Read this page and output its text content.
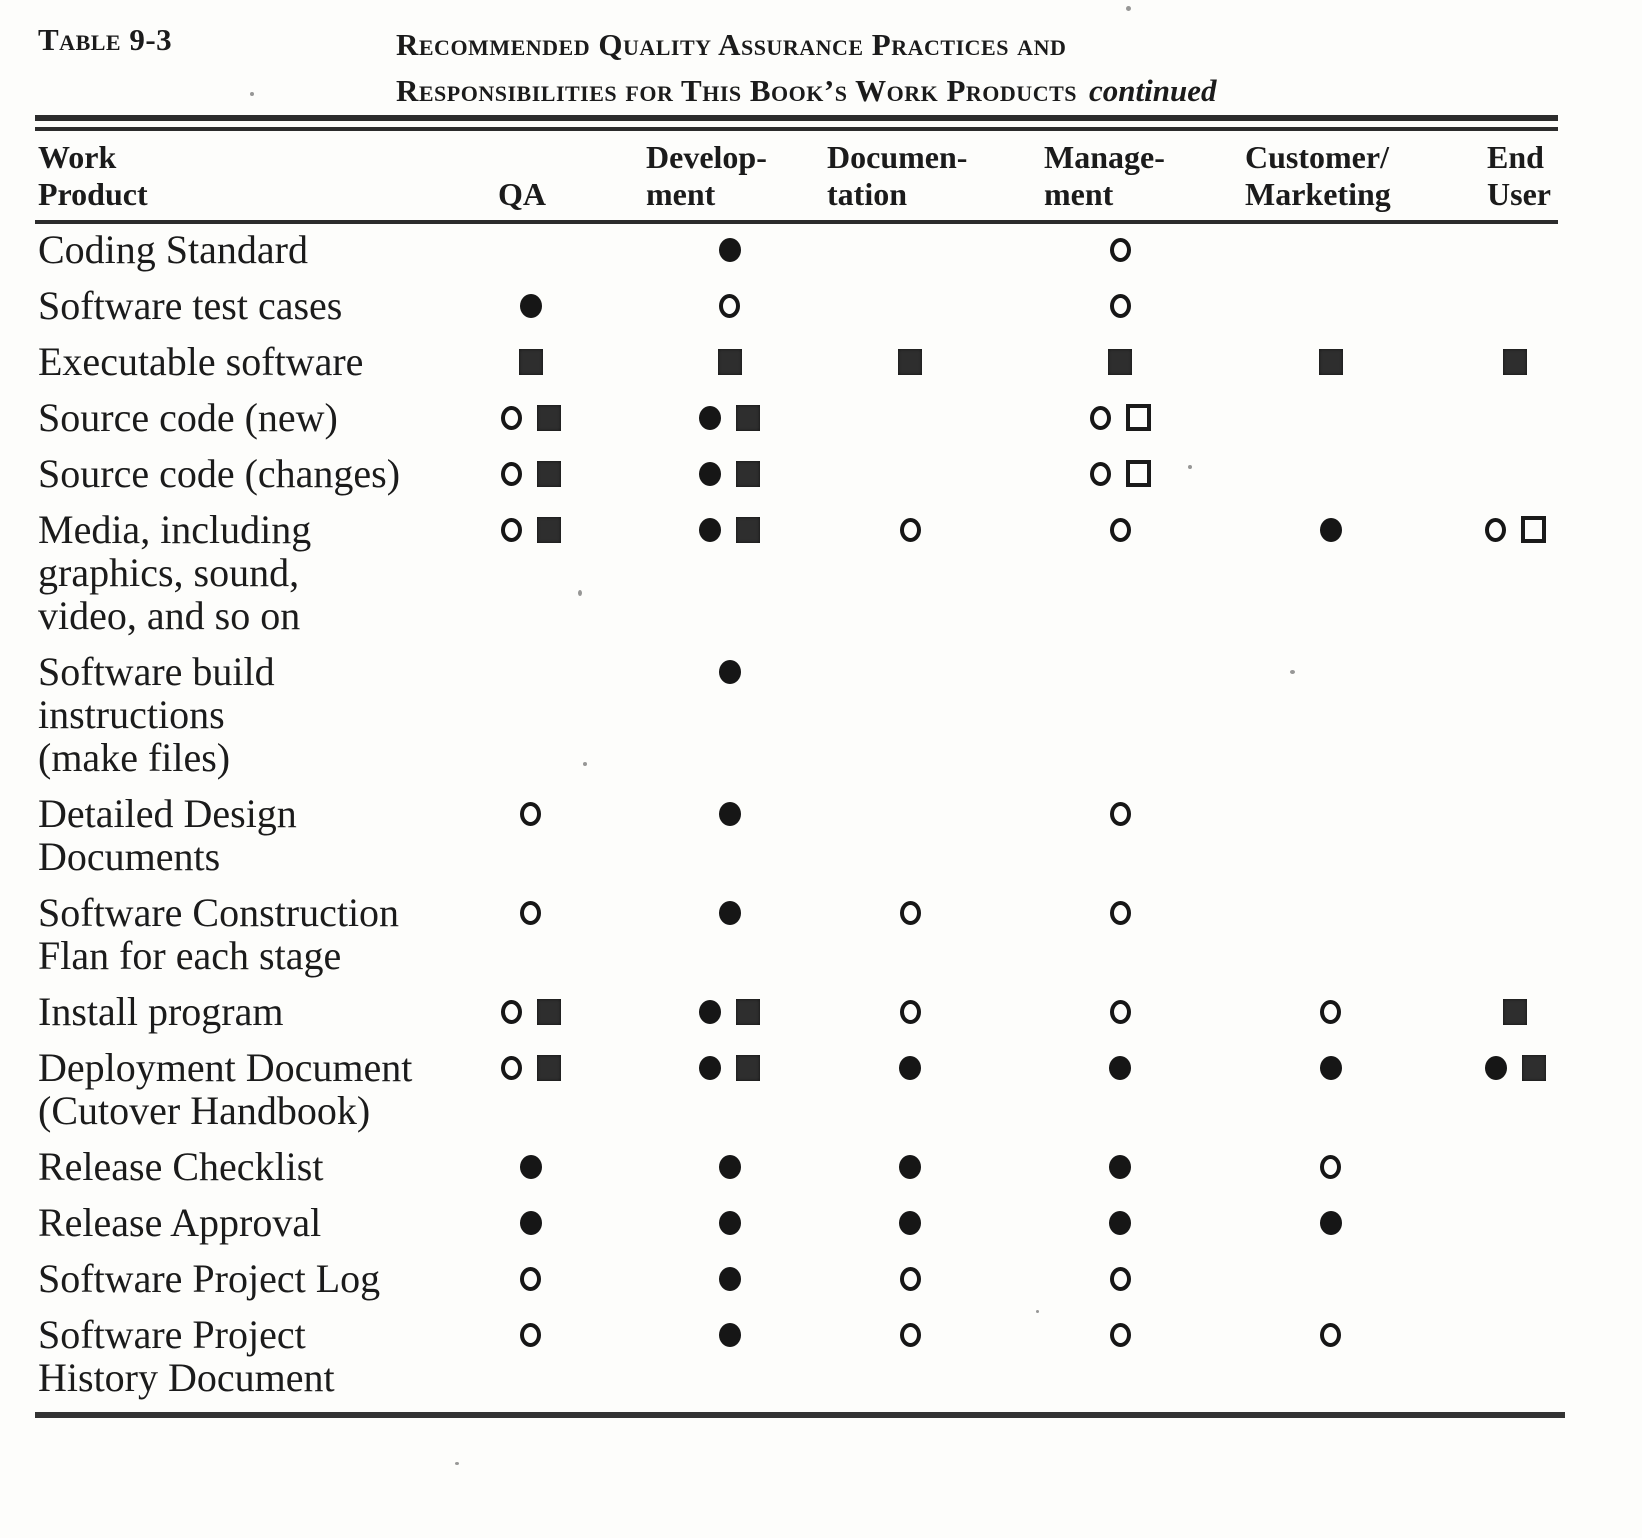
Table 9-3	Recommended Quality Assurance Practices and
Responsibilities for This Book’s Work Products continued
Work
Product	QA
Develop-
ment
Documen-
tation
Manage-
ment
Customer/
Marketing
End
User
Coding Standard
Software test cases
Executable software
Source code (new)
Source code (changes)
Media, including
graphics, sound,
video, and so on
Software build
instructions
(make files)
Detailed Design
Documents
Software Construction
Flan for each stage
Install program
Deployment Document
(Cutover Handbook)
Release Checklist
Release Approval
Software Project Log
Software Project
History Document
